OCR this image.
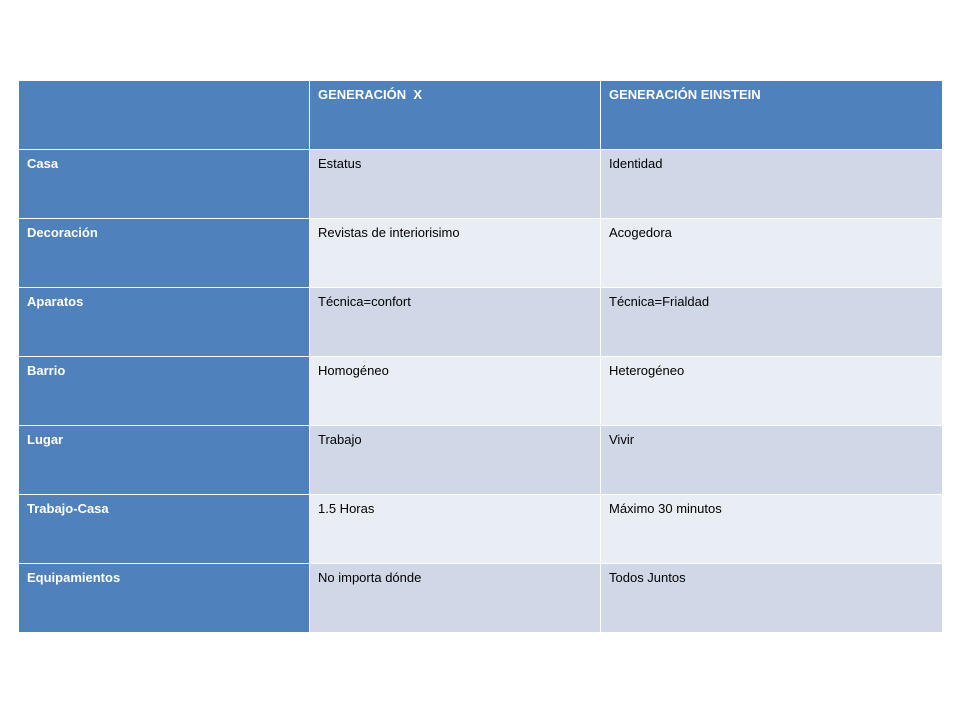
	GENERACIÓN  X	GENERACIÓN EINSTEIN
Casa	Estatus	Identidad
Decoración	Revistas de interiorisimo	Acogedora
Aparatos	Técnica=confort	Técnica=Frialdad
Barrio	Homogéneo	Heterogéneo
Lugar	Trabajo	Vivir
Trabajo-Casa	1.5 Horas	Máximo 30 minutos
Equipamientos	No importa dónde	Todos Juntos
